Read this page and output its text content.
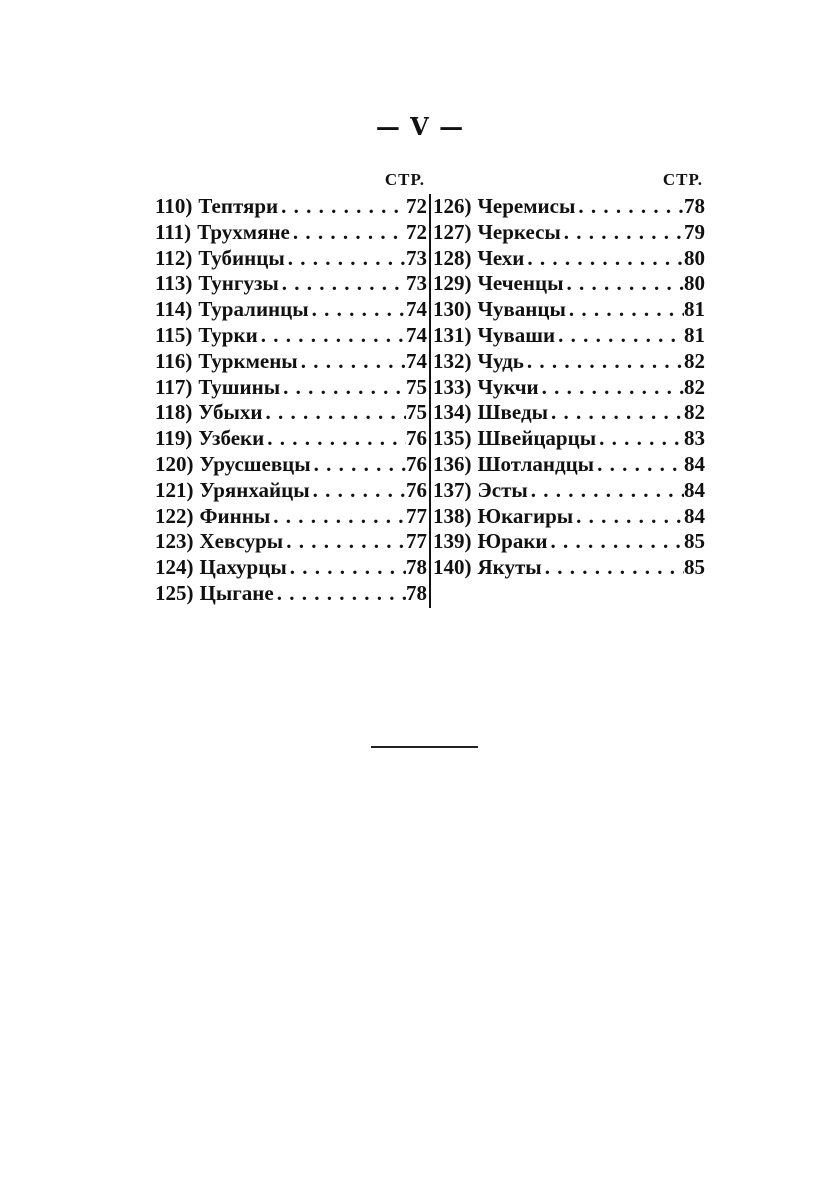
— V —
СТР.
110) Тептяри . . .	72
111) Трухмяне . . .	72
112) Тубинцы . . .	73
113) Тунгузы . . .	73
114) Туралинцы . . .	74
115) Турки . . .	74
116) Туркмены . . .	74
117) Тушины . . .	75
118) Убыхи . . .	75
119) Узбеки . . .	76
120) Урусшевцы . . .	76
121) Урянхайцы . . .	76
122) Финны . . .	77
123) Хевсуры . . .	77
124) Цахурцы . . .	78
125) Цыгане . . .	78
СТР.
126) Черемисы . . .	78
127) Черкесы . . .	79
128) Чехи . . .	80
129) Чеченцы . . .	80
130) Чуванцы . . .	81
131) Чуваши . . .	81
132) Чудь . . .	82
133) Чукчи . . .	82
134) Шведы . . .	82
135) Швейцарцы . . .	83
136) Шотландцы . . .	84
137) Эсты . . .	84
138) Юкагиры . . .	84
139) Юраки . . .	85
140) Якуты . . .	85
